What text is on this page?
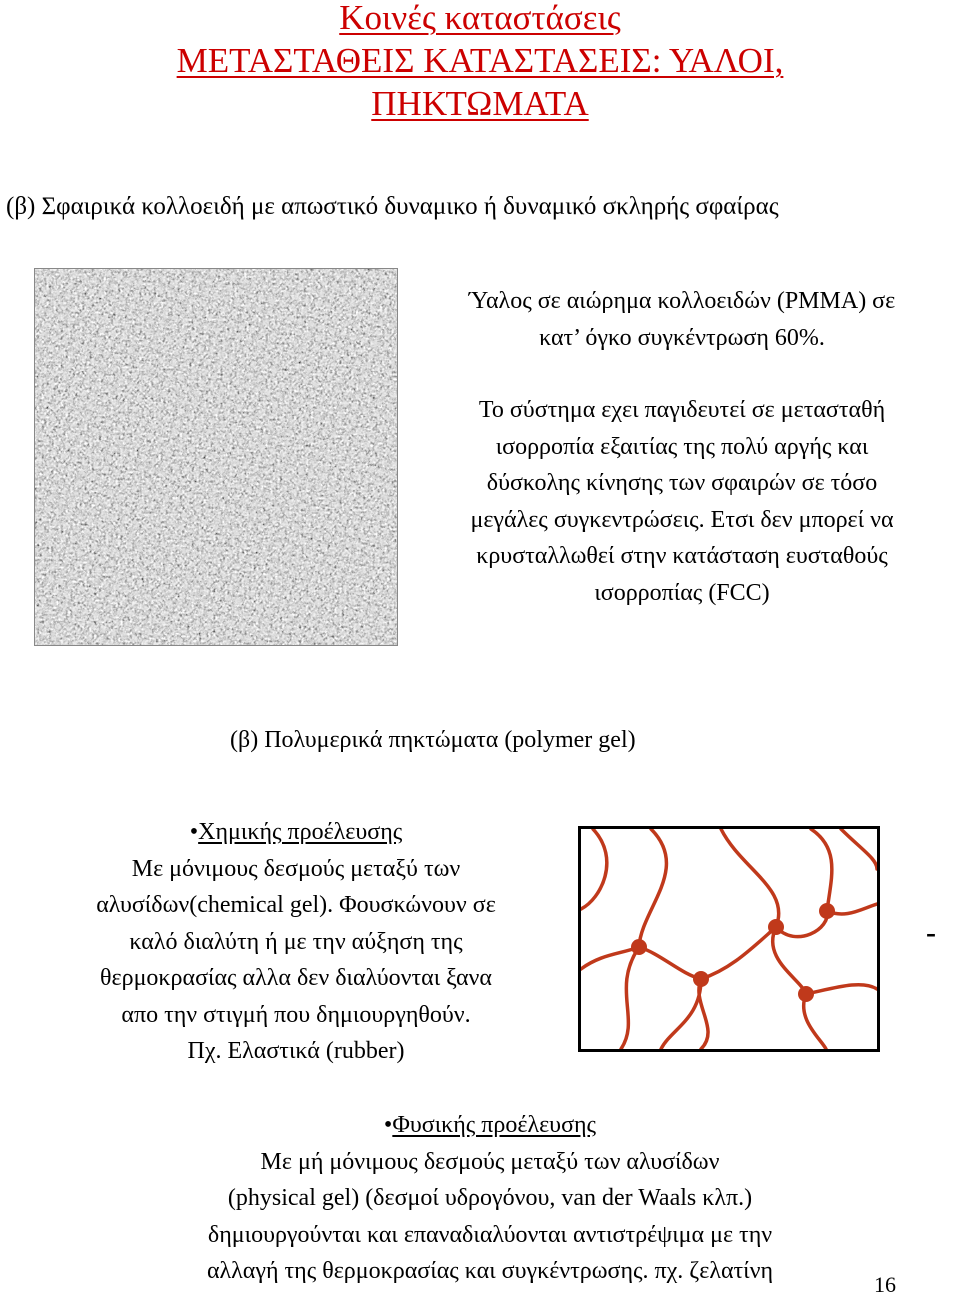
Κοινές καταστάσεις
ΜΕΤΑΣΤΑΘΕΙΣ ΚΑΤΑΣΤΑΣΕΙΣ: ΥΑΛΟΙ,
ΠΗΚΤΩΜΑΤΑ
(β) Σφαιρικά κολλοειδή με απωστικό δυναμικο ή δυναμικό σκληρής σφαίρας
Ύαλος σε αιώρημα κολλοειδών (PMMA) σε
κατ’ όγκο συγκέντρωση 60%.
Το σύστημα εχει παγιδευτεί σε μετασταθή
ισορροπία εξαιτίας της πολύ αργής και
δύσκολης κίνησης των σφαιρών σε τόσο
μεγάλες συγκεντρώσεις. Ετσι δεν μπορεί να
κρυσταλλωθεί στην κατάσταση ευσταθούς
ισορροπίας (FCC)
(β) Πολυμερικά πηκτώματα (polymer gel)
•Χημικής προέλευσης
Με μόνιμους δεσμούς μεταξύ των
αλυσίδων(chemical gel). Φουσκώνουν σε
καλό διαλύτη ή με την αύξηση της
θερμοκρασίας αλλα δεν διαλύονται ξανα
απο την στιγμή που δημιουργηθούν.
Πχ. Ελαστικά (rubber)
-
•Φυσικής προέλευσης
Με μή μόνιμους δεσμούς μεταξύ των αλυσίδων
(physical gel) (δεσμοί υδρογόνου, van der Waals κλπ.)
δημιουργούνται και επαναδιαλύονται αντιστρέψιμα με την
αλλαγή της θερμοκρασίας και συγκέντρωσης. πχ. ζελατίνη
16
